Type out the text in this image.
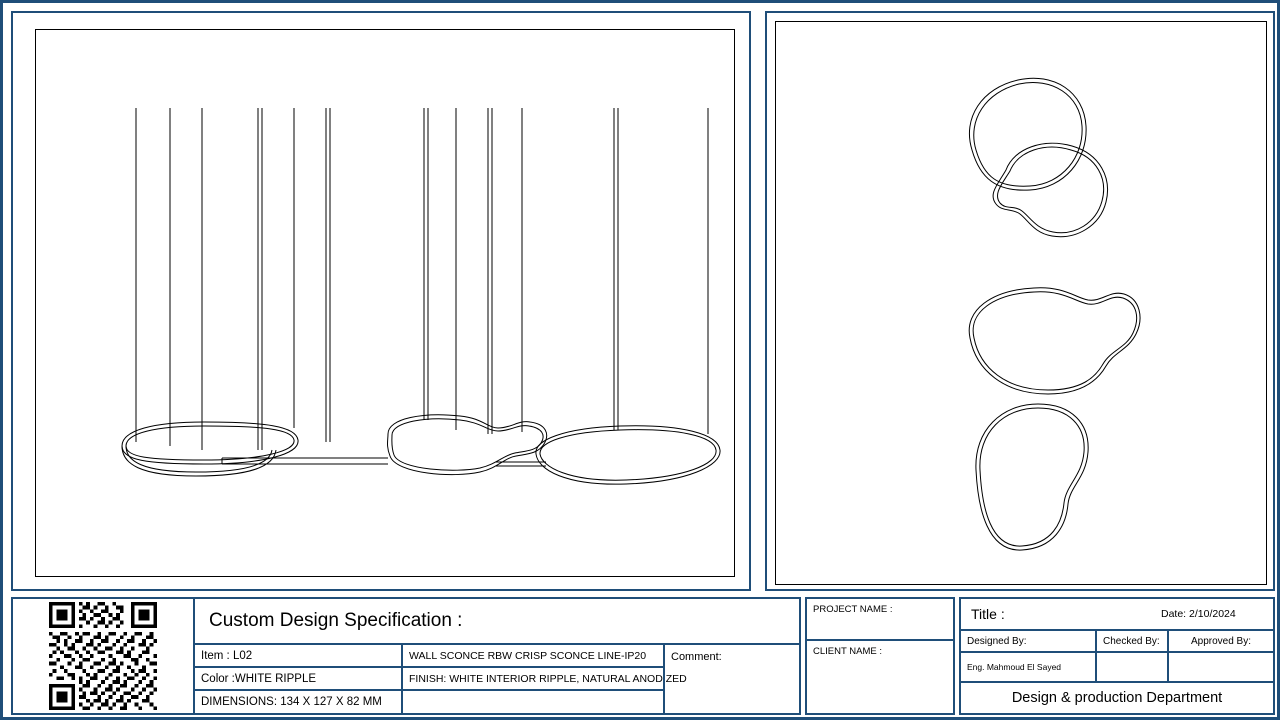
Custom Design Specification :
Item : L02
Color :WHITE RIPPLE
DIMENSIONS: 134 X 127 X 82 MM
WALL SCONCE RBW CRISP SCONCE LINE-IP20
FINISH: WHITE INTERIOR RIPPLE, NATURAL ANODIZED
Comment:
PROJECT NAME :
CLIENT NAME :
Title :	Date: 2/10/2024
Designed By:	Checked By:	Approved By:
Eng. Mahmoud El Sayed
Design & production Department
